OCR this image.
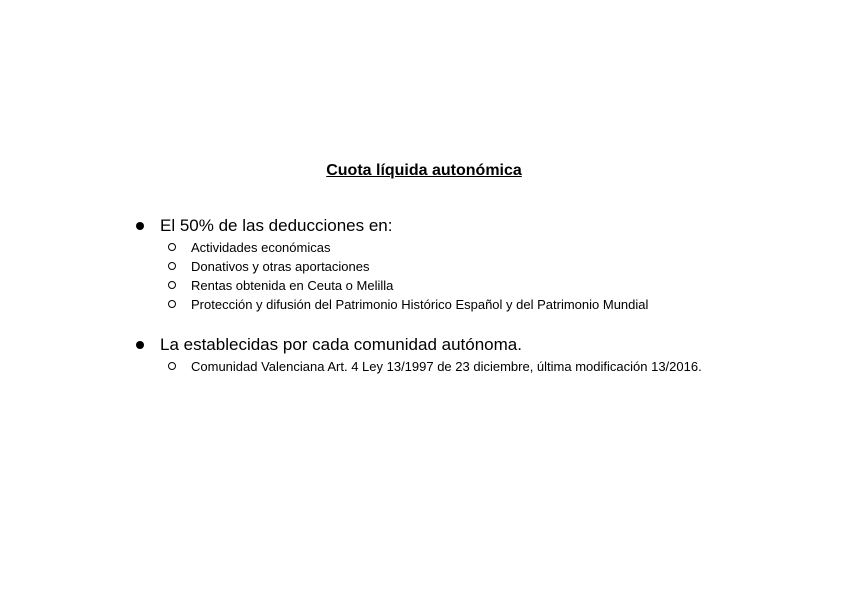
Cuota líquida autonómica
El 50% de las deducciones en:
Actividades económicas
Donativos y otras aportaciones
Rentas obtenida en Ceuta o Melilla
Protección y difusión del Patrimonio Histórico Español y del Patrimonio Mundial
La establecidas por cada comunidad autónoma.
Comunidad Valenciana Art. 4 Ley 13/1997 de 23 diciembre, última modificación 13/2016.
